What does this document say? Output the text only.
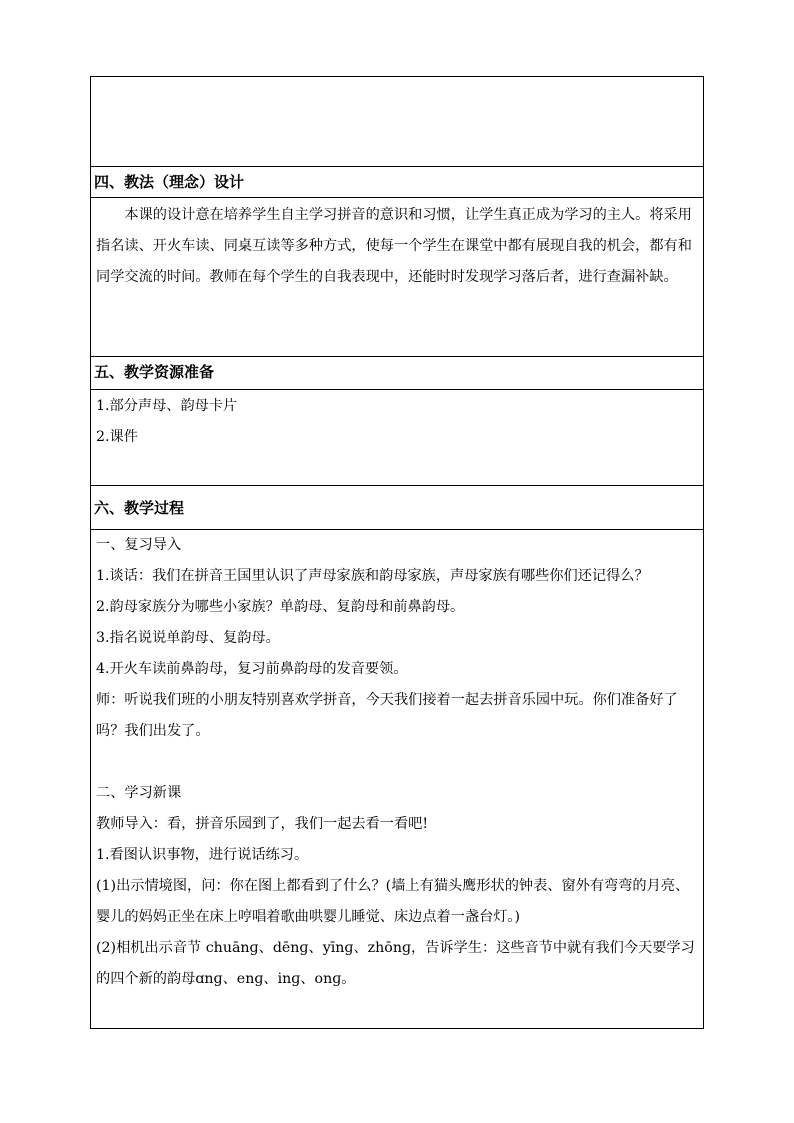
四、教法（理念）设计

本课的设计意在培养学生自主学习拼音的意识和习惯，让学生真正成为学习的主人。将采用指名读、开火车读、同桌互读等多种方式，使每一个学生在课堂中都有展现自我的机会，都有和同学交流的时间。教师在每个学生的自我表现中，还能时时发现学习落后者，进行查漏补缺。

五、教学资源准备

1.部分声母、韵母卡片

2.课件

六、教学过程

一、复习导入

1.谈话：我们在拼音王国里认识了声母家族和韵母家族，声母家族有哪些你们还记得么？

2.韵母家族分为哪些小家族？单韵母、复韵母和前鼻韵母。

3.指名说说单韵母、复韵母。

4.开火车读前鼻韵母，复习前鼻韵母的发音要领。

师：听说我们班的小朋友特别喜欢学拼音，今天我们接着一起去拼音乐园中玩。你们准备好了吗？我们出发了。

二、学习新课

教师导入：看，拼音乐园到了，我们一起去看一看吧!

1.看图认识事物，进行说话练习。

(1)出示情境图，问：你在图上都看到了什么？(墙上有猫头鹰形状的钟表、窗外有弯弯的月亮、婴儿的妈妈正坐在床上哼唱着歌曲哄婴儿睡觉、床边点着一盏台灯。)

(2)相机出示音节 chuānɡ、dēnɡ、yīnɡ、zhōnɡ，告诉学生：这些音节中就有我们今天要学习的四个新的韵母ɑnɡ、enɡ、inɡ、onɡ。
